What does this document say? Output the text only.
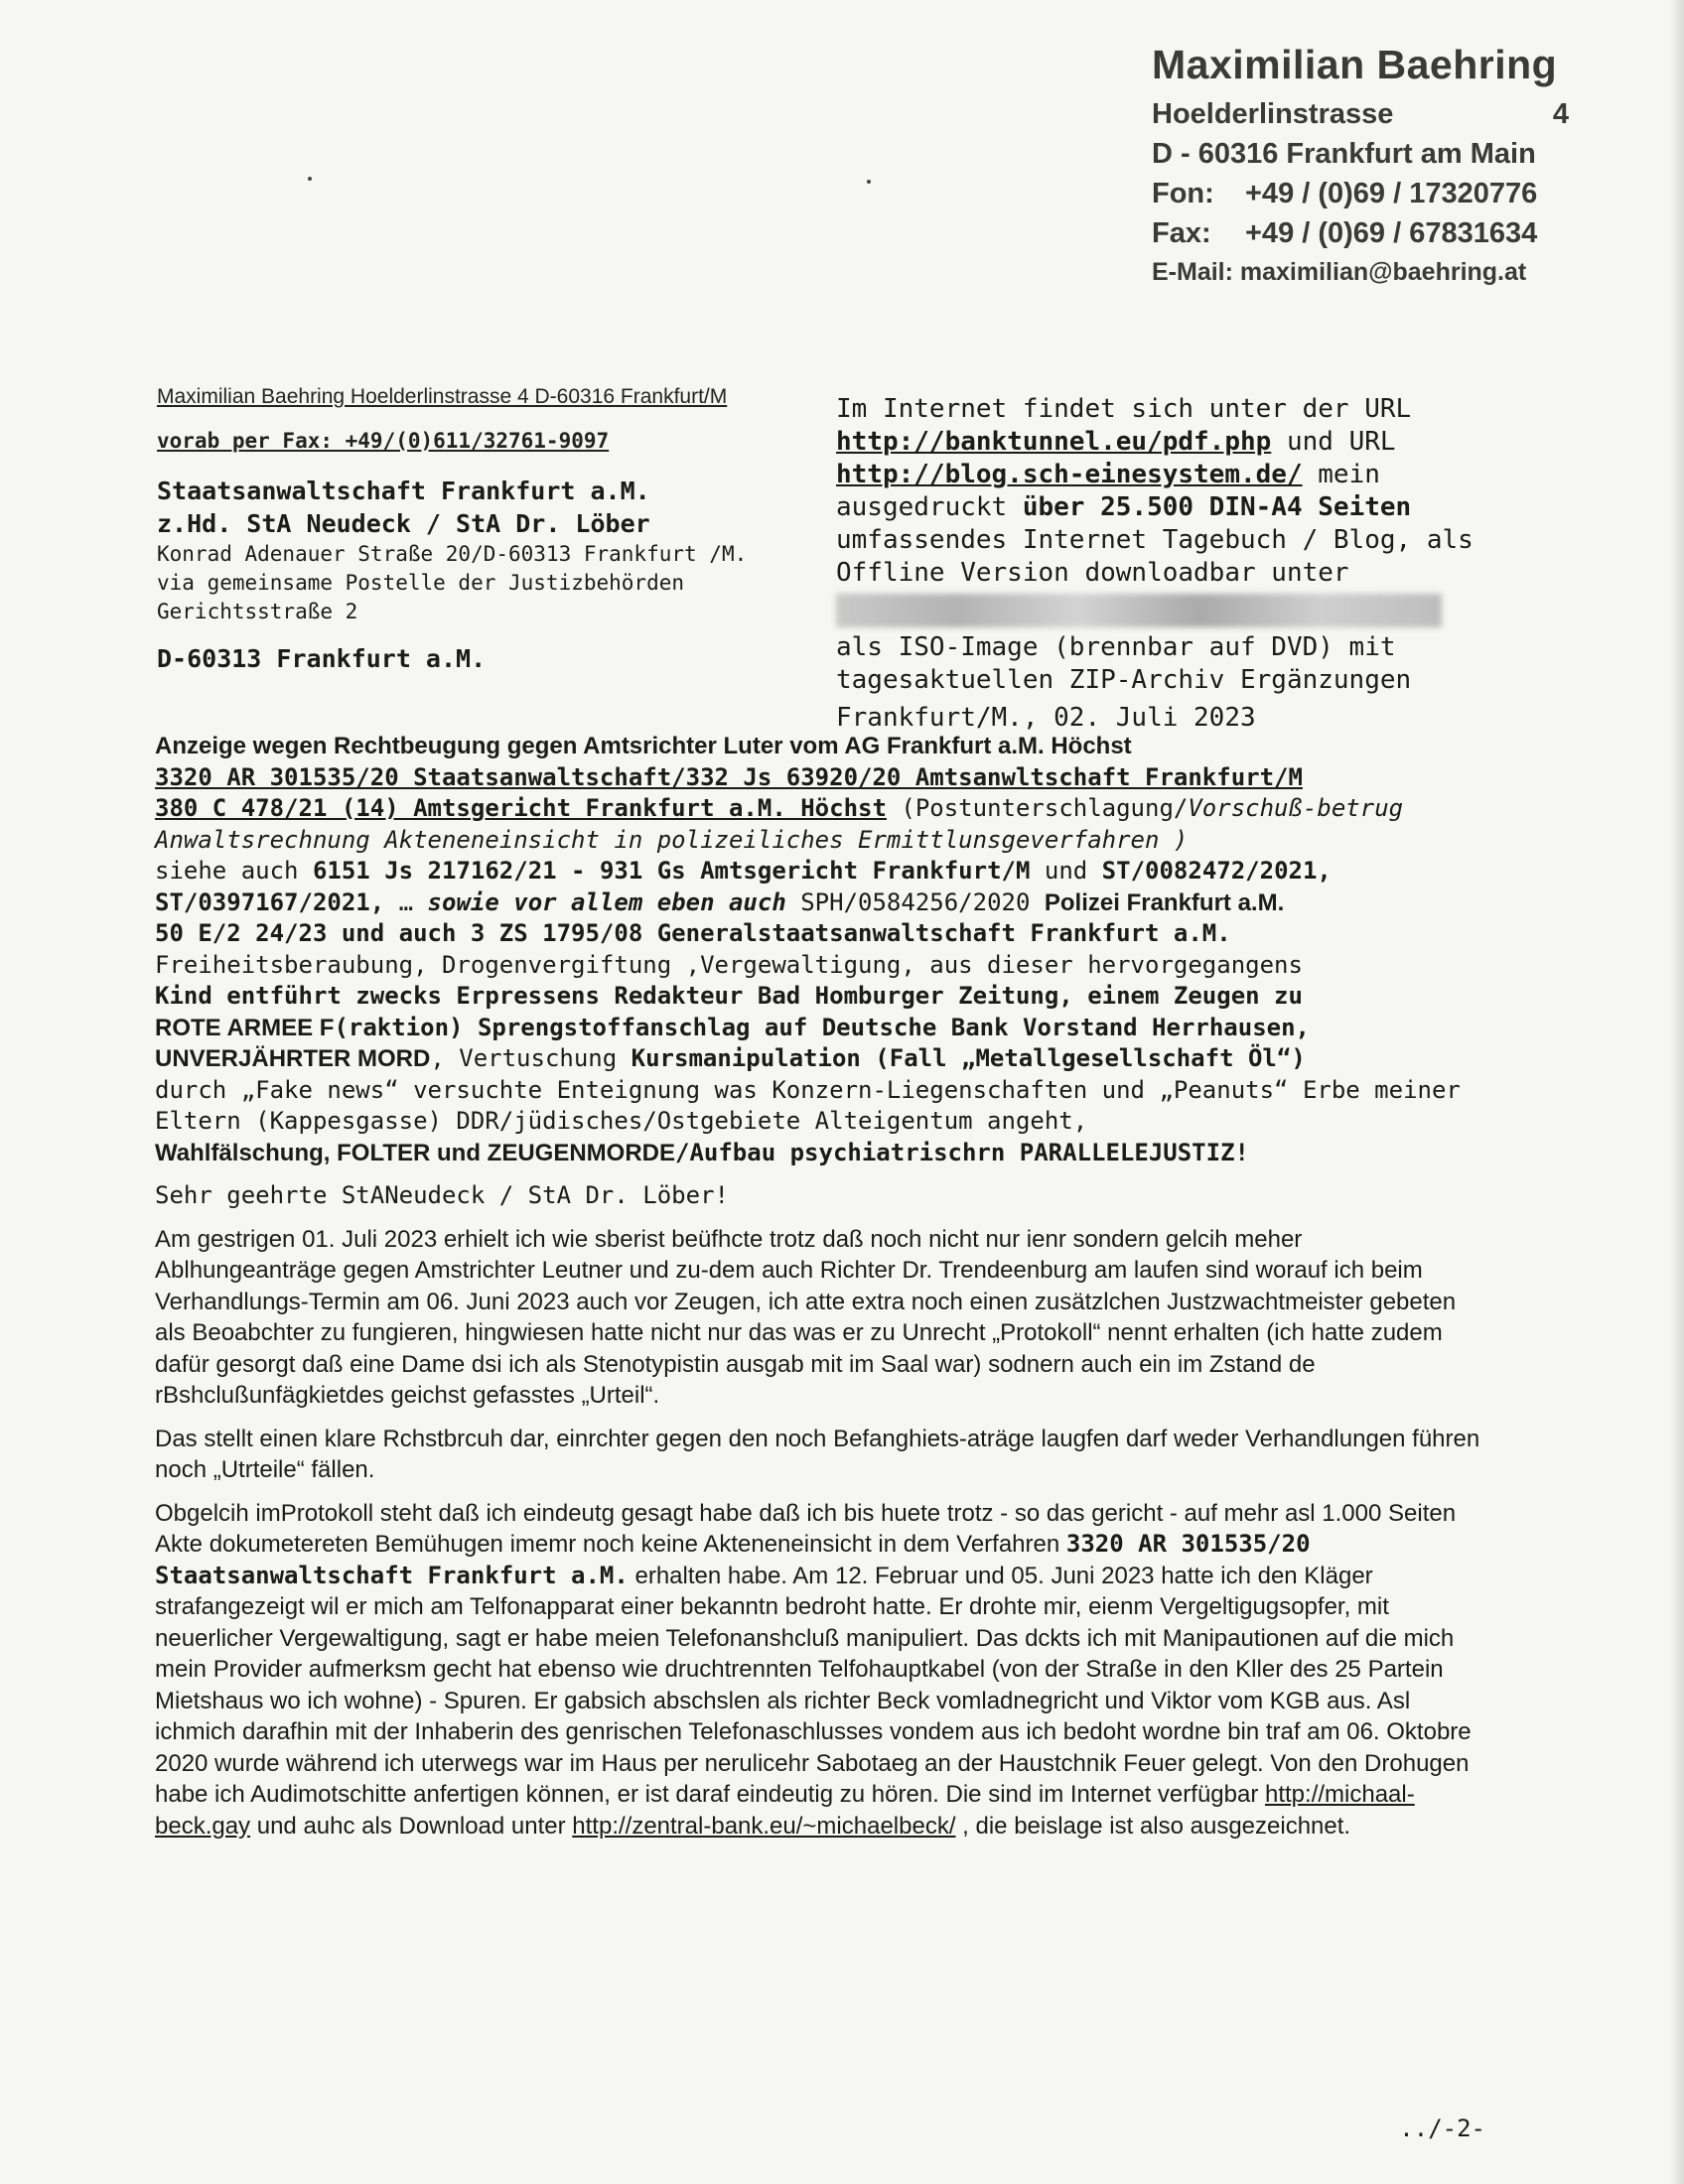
Maximilian Baehring
Hoelderlinstrasse	4
D - 60316 Frankfurt am Main
Fon:	+49 / (0)69 / 17320776
Fax:	+49 / (0)69 / 67831634
E-Mail: maximilian@baehring.at
Maximilian Baehring Hoelderlinstrasse 4 D-60316 Frankfurt/M
vorab per Fax: +49/(0)611/32761-9097
Staatsanwaltschaft Frankfurt a.M.
z.Hd. StA Neudeck / StA Dr. Löber
Konrad Adenauer Straße 20/D-60313 Frankfurt /M.
via gemeinsame Postelle der Justizbehörden
Gerichtsstraße 2
D-60313 Frankfurt a.M.
Im Internet findet sich unter der URL http://banktunnel.eu/pdf.php und URL http://blog.sch-einesystem.de/ mein ausgedruckt über 25.500 DIN-A4 Seiten umfassendes Internet Tagebuch / Blog, als Offline Version downloadbar unter
als ISO-Image (brennbar auf DVD) mit tagesaktuellen ZIP-Archiv Ergänzungen
Frankfurt/M., 02. Juli 2023

Anzeige wegen Rechtbeugung gegen Amtsrichter Luter vom AG Frankfurt a.M. Höchst
3320 AR 301535/20 Staatsanwaltschaft/332 Js 63920/20 Amtsanwltschaft Frankfurt/M
380 C 478/21 (14) Amtsgericht Frankfurt a.M. Höchst (Postunterschlagung/Vorschuß-betrug Anwaltsrechnung Akteneneinsicht in polizeiliches Ermittlunsgeverfahren )
siehe auch 6151 Js 217162/21 - 931 Gs Amtsgericht Frankfurt/M und ST/0082472/2021, ST/0397167/2021, … sowie vor allem eben auch SPH/0584256/2020 Polizei Frankfurt a.M.
50 E/2 24/23 und auch 3 ZS 1795/08 Generalstaatsanwaltschaft Frankfurt a.M.
Freiheitsberaubung, Drogenvergiftung ,Vergewaltigung, aus dieser hervorgegangens
Kind entführt zwecks Erpressens Redakteur Bad Homburger Zeitung, einem Zeugen zu
ROTE ARMEE F(raktion) Sprengstoffanschlag auf Deutsche Bank Vorstand Herrhausen,
UNVERJÄHRTER MORD, Vertuschung Kursmanipulation (Fall „Metallgesellschaft Öl“)
durch „Fake news“ versuchte Enteignung was Konzern-Liegenschaften und „Peanuts“ Erbe meiner Eltern (Kappesgasse) DDR/jüdisches/Ostgebiete Alteigentum angeht,
Wahlfälschung, FOLTER und ZEUGENMORDE/Aufbau psychiatrischrn PARALLELEJUSTIZ!

Sehr geehrte StANeudeck / StA Dr. Löber!

Am gestrigen 01. Juli 2023 erhielt ich wie sberist beüfhcte trotz daß noch nicht nur ienr sondern gelcih meher Ablhungeanträge gegen Amstrichter Leutner und zu-dem auch Richter Dr. Trendeenburg am laufen sind worauf ich beim Verhandlungs-Termin am 06. Juni 2023 auch vor Zeugen, ich atte extra noch einen zusätzlchen Justzwachtmeister gebeten als Beoabchter zu fungieren, hingwiesen hatte nicht nur das was er zu Unrecht „Protokoll“ nennt erhalten (ich hatte zudem dafür gesorgt daß eine Dame dsi ich als Stenotypistin ausgab mit im Saal war) sodnern auch ein im Zstand de rBshclußunfägkietdes geichst gefasstes „Urteil“.

Das stellt einen klare Rchstbrcuh dar, einrchter gegen den noch Befanghiets-aträge laugfen darf weder Verhandlungen führen noch „Utrteile“ fällen.

Obgelcih imProtokoll steht daß ich eindeutg gesagt habe daß ich bis huete trotz - so das gericht - auf mehr asl 1.000 Seiten Akte dokumetereten Bemühugen imemr noch keine Akteneneinsicht in dem Verfahren 3320 AR 301535/20 Staatsanwaltschaft Frankfurt a.M. erhalten habe. Am 12. Februar und 05. Juni 2023 hatte ich den Kläger strafangezeigt wil er mich am Telfonapparat einer bekanntn bedroht hatte. Er drohte mir, eienm Vergeltigugsopfer, mit neuerlicher Vergewaltigung, sagt er habe meien Telefonanshcluß manipuliert. Das dckts ich mit Manipautionen auf die mich mein Provider aufmerksm gecht hat ebenso wie druchtrennten Telfohauptkabel (von der Straße in den Kller des 25 Partein Mietshaus wo ich wohne) - Spuren. Er gabsich abschslen als richter Beck vomladnegricht und Viktor vom KGB aus. Asl ichmich darafhin mit der Inhaberin des genrischen Telefonaschlusses vondem aus ich bedoht wordne bin traf am 06. Oktobre 2020 wurde während ich uterwegs war im Haus per nerulicehr Sabotaeg an der Haustchnik Feuer gelegt. Von den Drohugen habe ich Audimotschitte anfertigen können, er ist daraf eindeutig zu hören. Die sind im Internet verfügbar http://michaal-beck.gay und auhc als Download unter http://zentral-bank.eu/~michaelbeck/ , die beislage ist also ausgezeichnet.

../-2-
